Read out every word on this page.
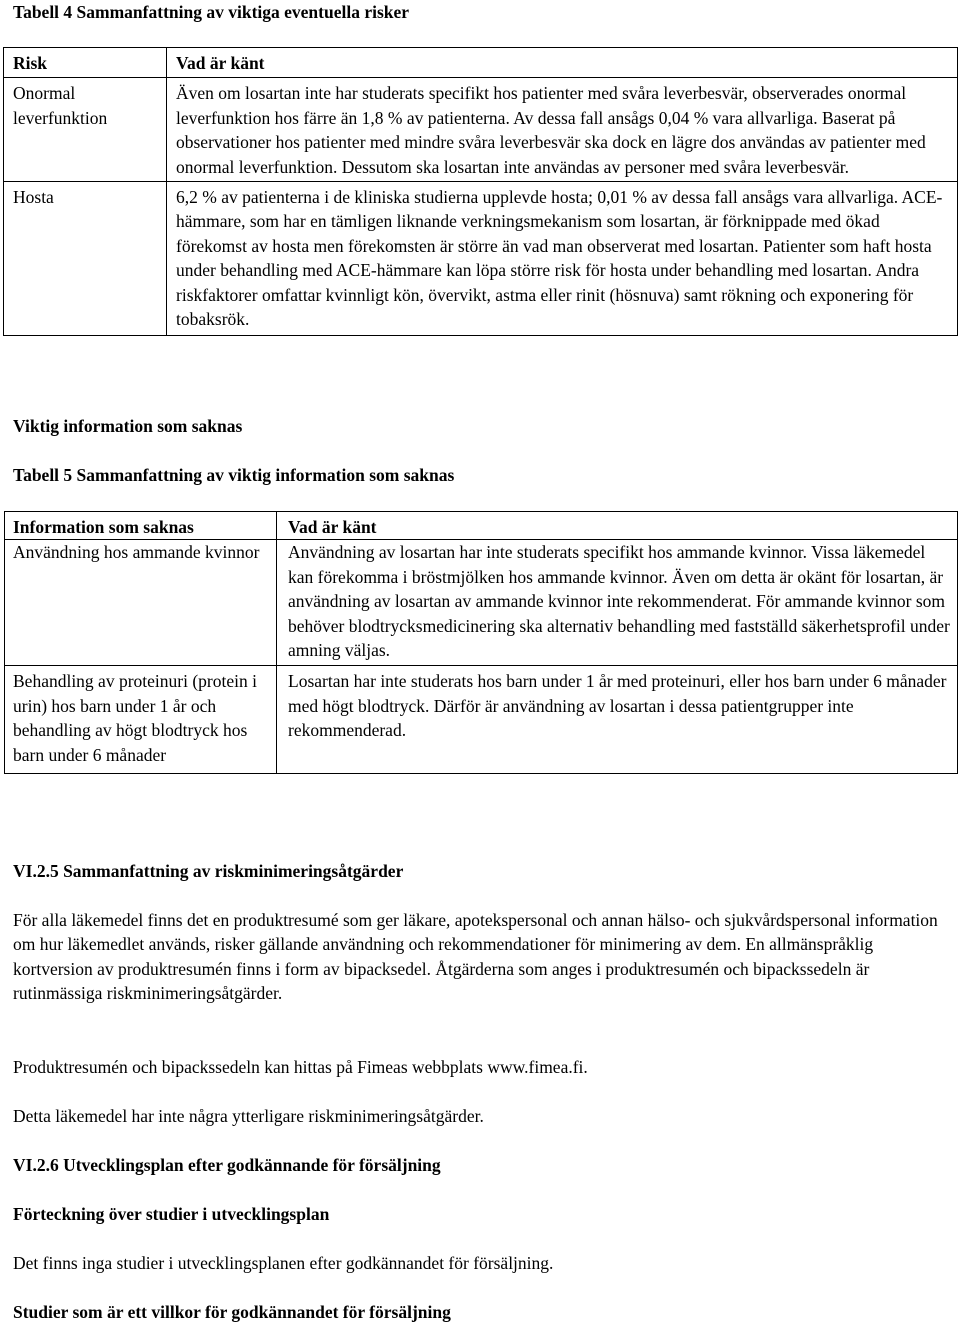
Tabell 4 Sammanfattning av viktiga eventuella risker
Risk	Vad är känt
Onormal leverfunktion	Även om losartan inte har studerats specifikt hos patienter med svåra leverbesvär, observerades onormal leverfunktion hos färre än 1,8 % av patienterna. Av dessa fall ansågs 0,04 % vara allvarliga. Baserat på observationer hos patienter med mindre svåra leverbesvär ska dock en lägre dos användas av patienter med onormal leverfunktion. Dessutom ska losartan inte användas av personer med svåra leverbesvär.
Hosta	6,2 % av patienterna i de kliniska studierna upplevde hosta; 0,01 % av dessa fall ansågs vara allvarliga. ACE-hämmare, som har en tämligen liknande verkningsmekanism som losartan, är förknippade med ökad förekomst av hosta men förekomsten är större än vad man observerat med losartan. Patienter som haft hosta under behandling med ACE-hämmare kan löpa större risk för hosta under behandling med losartan. Andra riskfaktorer omfattar kvinnligt kön, övervikt, astma eller rinit (hösnuva) samt rökning och exponering för tobaksrök.
Viktig information som saknas
Tabell 5 Sammanfattning av viktig information som saknas
Information som saknas	Vad är känt
Användning hos ammande kvinnor	Användning av losartan har inte studerats specifikt hos ammande kvinnor. Vissa läkemedel kan förekomma i bröstmjölken hos ammande kvinnor. Även om detta är okänt för losartan, är användning av losartan av ammande kvinnor inte rekommenderat. För ammande kvinnor som behöver blodtrycksmedicinering ska alternativ behandling med fastställd säkerhetsprofil under amning väljas.
Behandling av proteinuri (protein i urin) hos barn under 1 år och behandling av högt blodtryck hos barn under 6 månader	Losartan har inte studerats hos barn under 1 år med proteinuri, eller hos barn under 6 månader med högt blodtryck. Därför är användning av losartan i dessa patientgrupper inte rekommenderad.
VI.2.5 Sammanfattning av riskminimeringsåtgärder
För alla läkemedel finns det en produktresumé som ger läkare, apotekspersonal och annan hälso- och sjukvårdspersonal information om hur läkemedlet används, risker gällande användning och rekommendationer för minimering av dem. En allmänspråklig kortversion av produktresumén finns i form av bipacksedel. Åtgärderna som anges i produktresumén och bipackssedeln är rutinmässiga riskminimeringsåtgärder.
Produktresumén och bipackssedeln kan hittas på Fimeas webbplats www.fimea.fi.
Detta läkemedel har inte några ytterligare riskminimeringsåtgärder.
VI.2.6 Utvecklingsplan efter godkännande för försäljning
Förteckning över studier i utvecklingsplan
Det finns inga studier i utvecklingsplanen efter godkännandet för försäljning.
Studier som är ett villkor för godkännandet för försäljning
